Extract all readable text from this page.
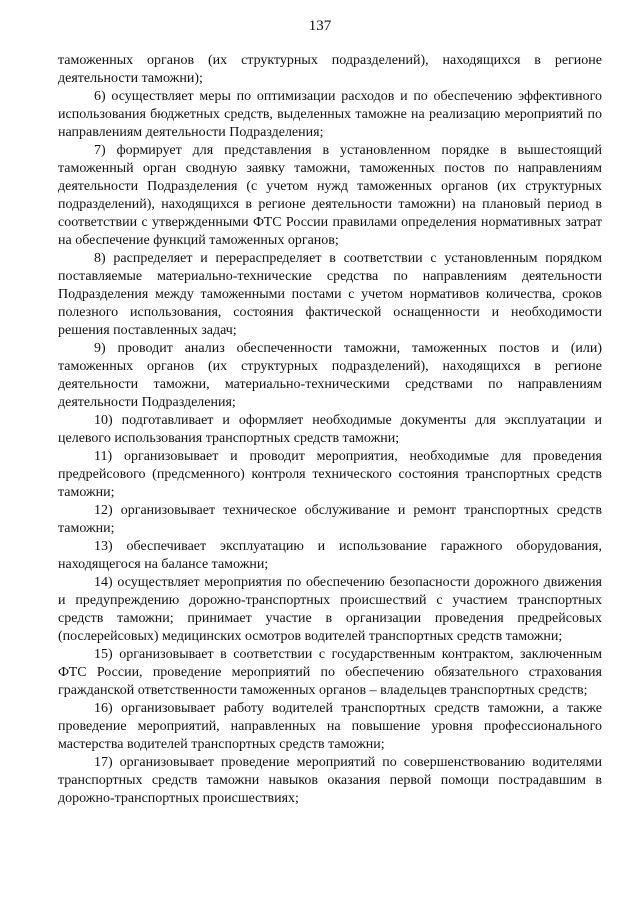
137

таможенных органов (их структурных подразделений), находящихся в регионе деятельности таможни);

6) осуществляет меры по оптимизации расходов и по обеспечению эффективного использования бюджетных средств, выделенных таможне на реализацию мероприятий по направлениям деятельности Подразделения;

7) формирует для представления в установленном порядке в вышестоящий таможенный орган сводную заявку таможни, таможенных постов по направлениям деятельности Подразделения (с учетом нужд таможенных органов (их структурных подразделений), находящихся в регионе деятельности таможни) на плановый период в соответствии с утвержденными ФТС России правилами определения нормативных затрат на обеспечение функций таможенных органов;

8) распределяет и перераспределяет в соответствии с установленным порядком поставляемые материально-технические средства по направлениям деятельности Подразделения между таможенными постами с учетом нормативов количества, сроков полезного использования, состояния фактической оснащенности и необходимости решения поставленных задач;

9) проводит анализ обеспеченности таможни, таможенных постов и (или) таможенных органов (их структурных подразделений), находящихся в регионе деятельности таможни, материально-техническими средствами по направлениям деятельности Подразделения;

10) подготавливает и оформляет необходимые документы для эксплуатации и целевого использования транспортных средств таможни;

11) организовывает и проводит мероприятия, необходимые для проведения предрейсового (предсменного) контроля технического состояния транспортных средств таможни;

12) организовывает техническое обслуживание и ремонт транспортных средств таможни;

13) обеспечивает эксплуатацию и использование гаражного оборудования, находящегося на балансе таможни;

14) осуществляет мероприятия по обеспечению безопасности дорожного движения и предупреждению дорожно-транспортных происшествий с участием транспортных средств таможни; принимает участие в организации проведения предрейсовых (послерейсовых) медицинских осмотров водителей транспортных средств таможни;

15) организовывает в соответствии с государственным контрактом, заключенным ФТС России, проведение мероприятий по обеспечению обязательного страхования гражданской ответственности таможенных органов – владельцев транспортных средств;

16) организовывает работу водителей транспортных средств таможни, а также проведение мероприятий, направленных на повышение уровня профессионального мастерства водителей транспортных средств таможни;

17) организовывает проведение мероприятий по совершенствованию водителями транспортных средств таможни навыков оказания первой помощи пострадавшим в дорожно-транспортных происшествиях;
